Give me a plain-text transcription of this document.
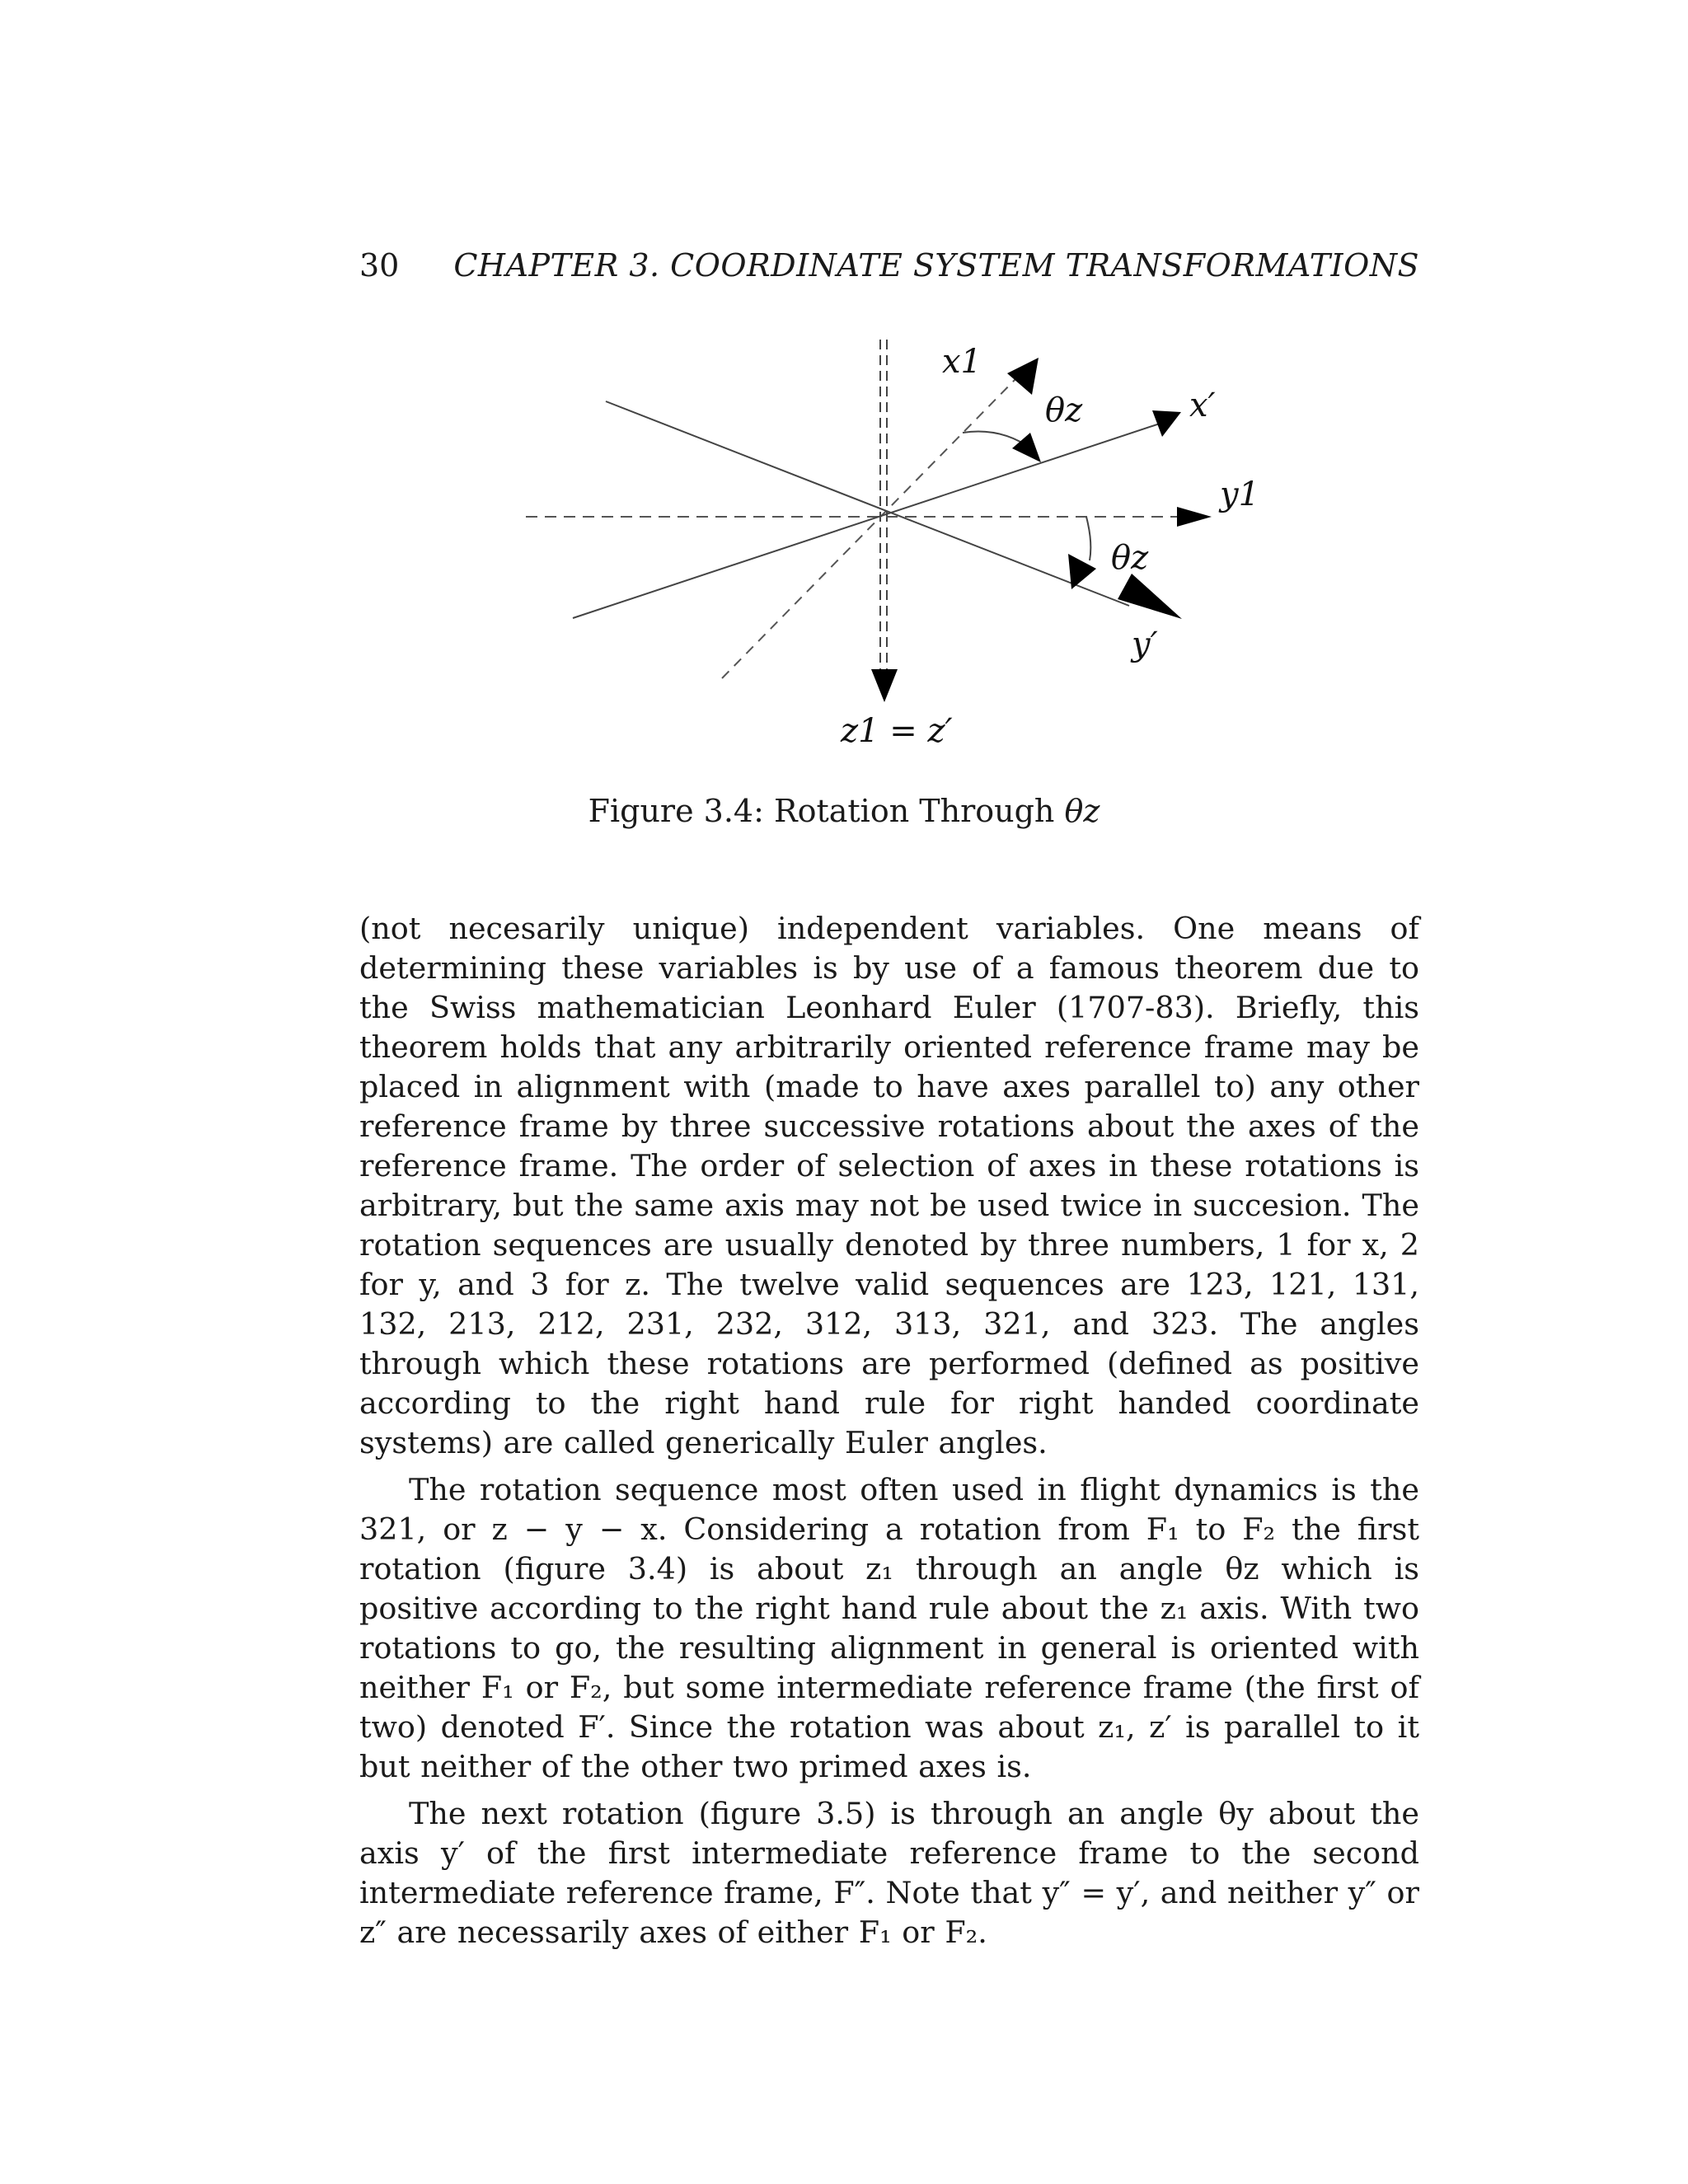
30 CHAPTER 3. COORDINATE SYSTEM TRANSFORMATIONS
x1
θz	x′
y1
θz
y′
z1 = z′
Figure 3.4: Rotation Through θz

(not necesarily unique) independent variables. One means of determining these variables is by use of a famous theorem due to the Swiss mathematician Leonhard Euler (1707-83). Briefly, this theorem holds that any arbitrarily oriented reference frame may be placed in alignment with (made to have axes parallel to) any other reference frame by three successive rotations about the axes of the reference frame. The order of selection of axes in these rotations is arbitrary, but the same axis may not be used twice in succesion. The rotation sequences are usually denoted by three numbers, 1 for x, 2 for y, and 3 for z. The twelve valid sequences are 123, 121, 131, 132, 213, 212, 231, 232, 312, 313, 321, and 323. The angles through which these rotations are performed (defined as positive according to the right hand rule for right handed coordinate systems) are called generically Euler angles.

The rotation sequence most often used in flight dynamics is the 321, or z − y − x. Considering a rotation from F₁ to F₂ the first rotation (figure 3.4) is about z₁ through an angle θz which is positive according to the right hand rule about the z₁ axis. With two rotations to go, the resulting alignment in general is oriented with neither F₁ or F₂, but some intermediate reference frame (the first of two) denoted F′. Since the rotation was about z₁, z′ is parallel to it but neither of the other two primed axes is.

The next rotation (figure 3.5) is through an angle θy about the axis y′ of the first intermediate reference frame to the second intermediate reference frame, F″. Note that y″ = y′, and neither y″ or z″ are necessarily axes of either F₁ or F₂.
